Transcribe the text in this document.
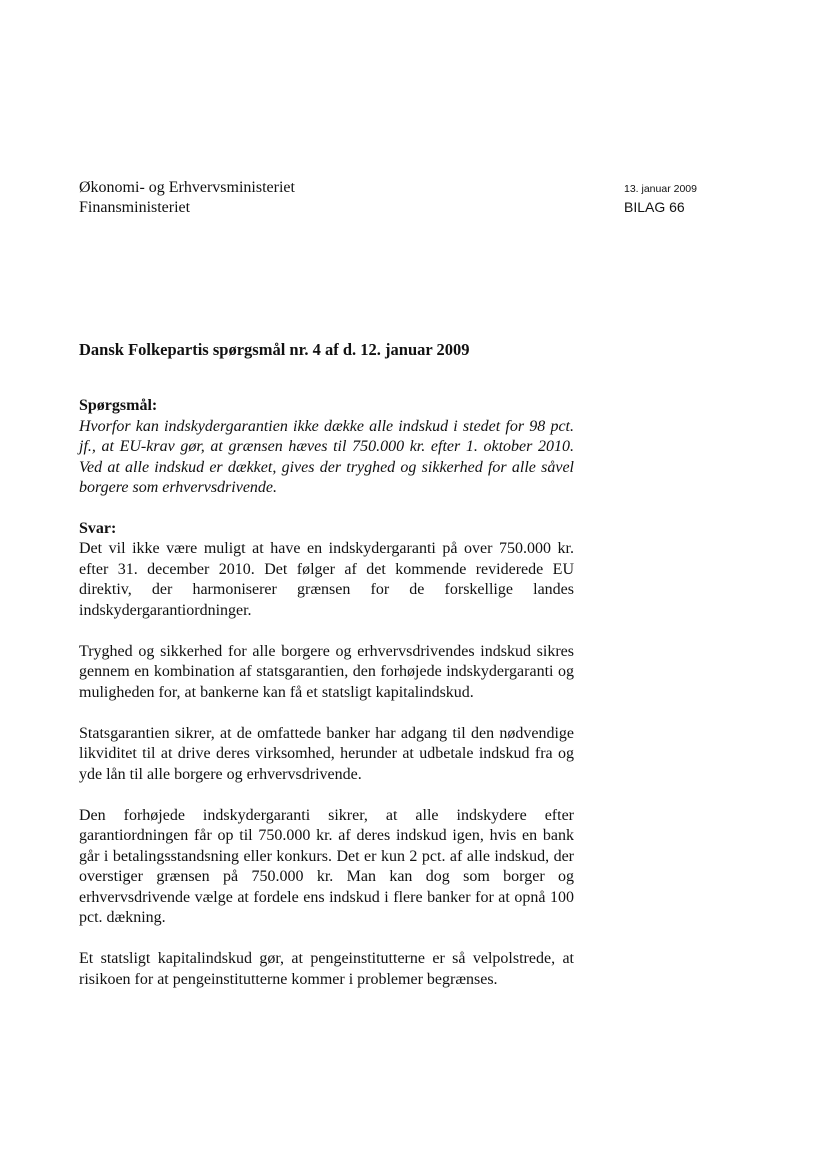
Økonomi- og Erhvervsministeriet
Finansministeriet
13. januar 2009
BILAG 66
Dansk Folkepartis spørgsmål nr. 4 af d. 12. januar 2009
Spørgsmål:
Hvorfor kan indskydergarantien ikke dække alle indskud i stedet for 98 pct. jf., at EU-krav gør, at grænsen hæves til 750.000 kr. efter 1. oktober 2010. Ved at alle indskud er dækket, gives der tryghed og sikkerhed for alle såvel borgere som erhvervsdrivende.
Svar:

Det vil ikke være muligt at have en indskydergaranti på over 750.000 kr. efter 31. december 2010. Det følger af det kommende reviderede EU direktiv, der harmoniserer grænsen for de forskellige landes indskydergarantiordninger.

Tryghed og sikkerhed for alle borgere og erhvervsdrivendes indskud sikres gennem en kombination af statsgarantien, den forhøjede indskydergaranti og muligheden for, at bankerne kan få et statsligt kapitalindskud.

Statsgarantien sikrer, at de omfattede banker har adgang til den nødvendige likviditet til at drive deres virksomhed, herunder at udbetale indskud fra og yde lån til alle borgere og erhvervsdrivende.

Den forhøjede indskydergaranti sikrer, at alle indskydere efter garantiordningen får op til 750.000 kr. af deres indskud igen, hvis en bank går i betalingsstandsning eller konkurs. Det er kun 2 pct. af alle indskud, der overstiger grænsen på 750.000 kr. Man kan dog som borger og erhvervsdrivende vælge at fordele ens indskud i flere banker for at opnå 100 pct. dækning.

Et statsligt kapitalindskud gør, at pengeinstitutterne er så velpolstrede, at risikoen for at pengeinstitutterne kommer i problemer begrænses.
